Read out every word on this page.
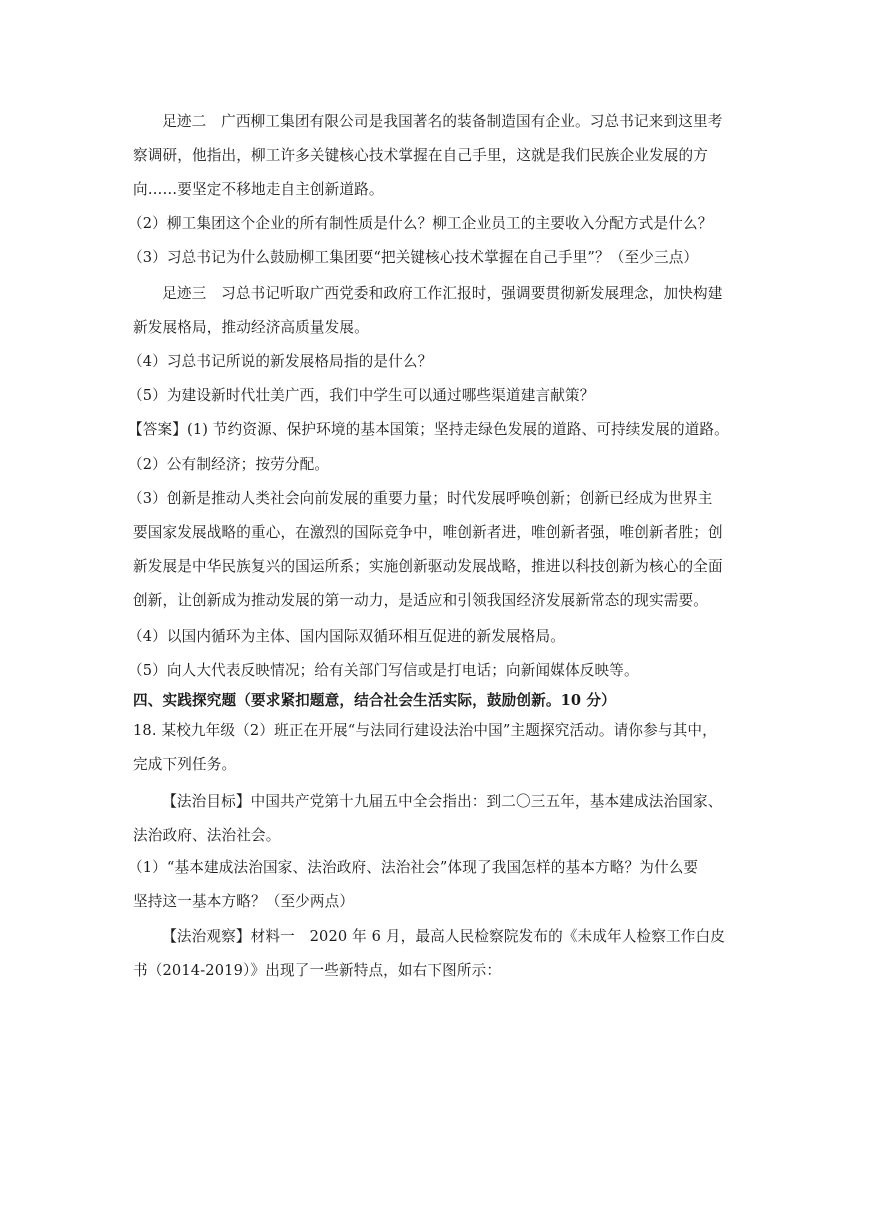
足迹二　广西柳工集团有限公司是我国著名的装备制造国有企业。习总书记来到这里考
察调研，他指出，柳工许多关键核心技术掌握在自己手里，这就是我们民族企业发展的方
向……要坚定不移地走自主创新道路。
（2）柳工集团这个企业的所有制性质是什么？柳工企业员工的主要收入分配方式是什么？
（3）习总书记为什么鼓励柳工集团要“把关键核心技术掌握在自己手里”？（至少三点）
足迹三　习总书记听取广西党委和政府工作汇报时，强调要贯彻新发展理念，加快构建
新发展格局，推动经济高质量发展。
（4）习总书记所说的新发展格局指的是什么？
（5）为建设新时代壮美广西，我们中学生可以通过哪些渠道建言献策？
【答案】(1) 节约资源、保护环境的基本国策；坚持走绿色发展的道路、可持续发展的道路。
（2）公有制经济；按劳分配。
（3）创新是推动人类社会向前发展的重要力量；时代发展呼唤创新；创新已经成为世界主
要国家发展战略的重心，在激烈的国际竞争中，唯创新者进，唯创新者强，唯创新者胜；创
新发展是中华民族复兴的国运所系；实施创新驱动发展战略，推进以科技创新为核心的全面
创新，让创新成为推动发展的第一动力，是适应和引领我国经济发展新常态的现实需要。
（4）以国内循环为主体、国内国际双循环相互促进的新发展格局。
（5）向人大代表反映情况；给有关部门写信或是打电话；向新闻媒体反映等。
四、实践探究题（要求紧扣题意，结合社会生活实际，鼓励创新。10 分）
18. 某校九年级（2）班正在开展“与法同行建设法治中国”主题探究活动。请你参与其中，
完成下列任务。
【法治目标】中国共产党第十九届五中全会指出：到二〇三五年，基本建成法治国家、
法治政府、法治社会。
（1）“基本建成法治国家、法治政府、法治社会”体现了我国怎样的基本方略？为什么要
坚持这一基本方略？（至少两点）
【法治观察】材料一　2020 年 6 月，最高人民检察院发布的《未成年人检察工作白皮
书（2014-2019）》出现了一些新特点，如右下图所示：
